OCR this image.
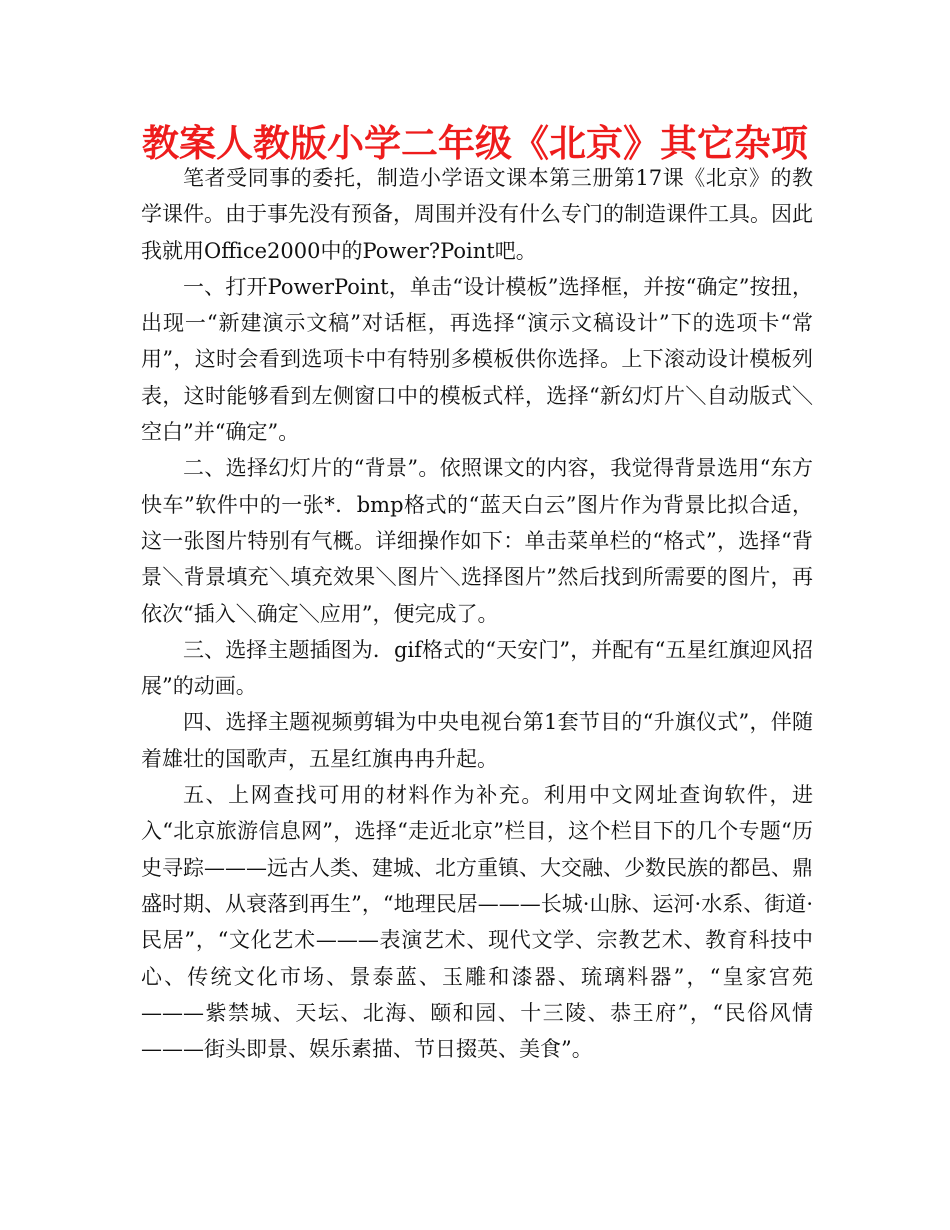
教案人教版小学二年级《北京》其它杂项

笔者受同事的委托，制造小学语文课本第三册第17课《北京》的教学课件。由于事先没有预备，周围并没有什么专门的制造课件工具。因此我就用Office2000中的Power?Point吧。

一、打开PowerPoint，单击“设计模板”选择框，并按“确定”按扭，出现一“新建演示文稿”对话框，再选择“演示文稿设计”下的选项卡“常用”，这时会看到选项卡中有特别多模板供你选择。上下滚动设计模板列表，这时能够看到左侧窗口中的模板式样，选择“新幻灯片＼自动版式＼空白”并“确定”。

二、选择幻灯片的“背景”。依照课文的内容，我觉得背景选用“东方快车”软件中的一张*．bmp格式的“蓝天白云”图片作为背景比拟合适，这一张图片特别有气概。详细操作如下：单击菜单栏的“格式”，选择“背景＼背景填充＼填充效果＼图片＼选择图片”然后找到所需要的图片，再依次“插入＼确定＼应用”，便完成了。

三、选择主题插图为．gif格式的“天安门”，并配有“五星红旗迎风招展”的动画。

四、选择主题视频剪辑为中央电视台第1套节目的“升旗仪式”，伴随着雄壮的国歌声，五星红旗冉冉升起。

五、上网查找可用的材料作为补充。利用中文网址查询软件，进入“北京旅游信息网”，选择“走近北京”栏目，这个栏目下的几个专题“历史寻踪———远古人类、建城、北方重镇、大交融、少数民族的都邑、鼎盛时期、从衰落到再生”，“地理民居———长城·山脉、运河·水系、街道·民居”，“文化艺术———表演艺术、现代文学、宗教艺术、教育科技中心、传统文化市场、景泰蓝、玉雕和漆器、琉璃料器”，“皇家宫苑———紫禁城、天坛、北海、颐和园、十三陵、恭王府”，“民俗风情———街头即景、娱乐素描、节日掇英、美食”。
